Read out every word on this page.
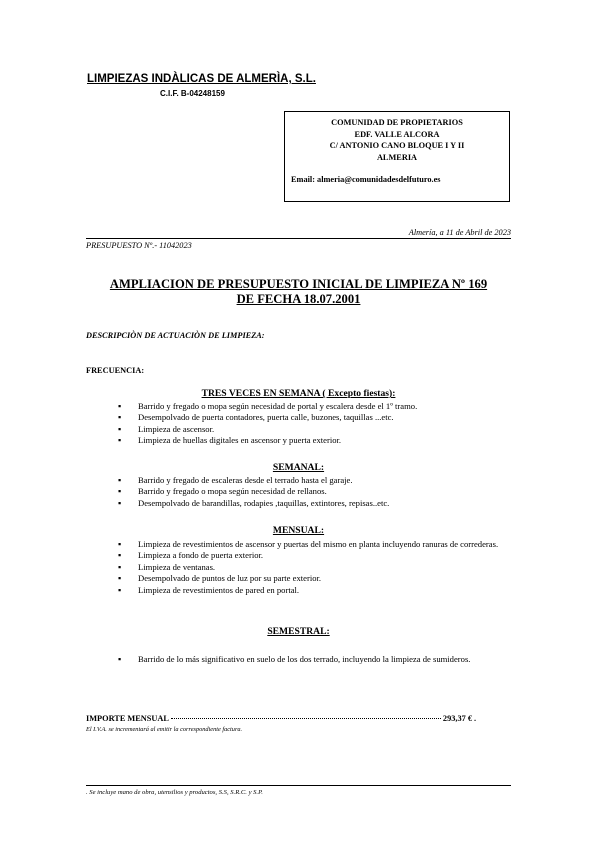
LIMPIEZAS INDÀLICAS DE ALMERÌA, S.L.
C.I.F. B-04248159
COMUNIDAD DE PROPIETARIOS
EDF. VALLE ALCORA
C/ ANTONIO CANO BLOQUE I Y II
ALMERIA
Email: almeria@comunidadesdelfuturo.es
Almería, a 11 de Abril de 2023
PRESUPUESTO Nº.- 11042023
AMPLIACION DE PRESUPUESTO INICIAL DE LIMPIEZA Nº 169
DE FECHA 18.07.2001
DESCRIPCIÒN DE ACTUACIÒN DE LIMPIEZA:
FRECUENCIA:
TRES VECES EN SEMANA ( Excepto fiestas):
▪ Barrido y fregado o mopa según necesidad de portal y escalera desde el 1º tramo.
▪ Desempolvado de puerta contadores, puerta calle, buzones, taquillas ...etc.
▪ Limpieza de ascensor.
▪ Limpieza de huellas digitales en ascensor y puerta exterior.
SEMANAL:
▪ Barrido y fregado de escaleras desde el terrado hasta el garaje.
▪ Barrido y fregado o mopa según necesidad de rellanos.
▪ Desempolvado de barandillas, rodapies ,taquillas, extintores, repisas..etc.
MENSUAL:
▪ Limpieza de revestimientos de ascensor y puertas del mismo en planta incluyendo ranuras de correderas.
▪ Limpieza a fondo de puerta exterior.
▪ Limpieza de ventanas.
▪ Desempolvado de puntos de luz por su parte exterior.
▪ Limpieza de revestimientos de pared en portal.
SEMESTRAL:
▪ Barrido de lo más significativo en suelo de los dos terrado, incluyendo la limpieza de sumideros.
IMPORTE MENSUAL	293,37 € .
El I.V.A. se incrementará al emitir la correspondiente factura.
. Se incluye mano de obra, utensilios y productos, S.S, S.R.C. y S.P.
